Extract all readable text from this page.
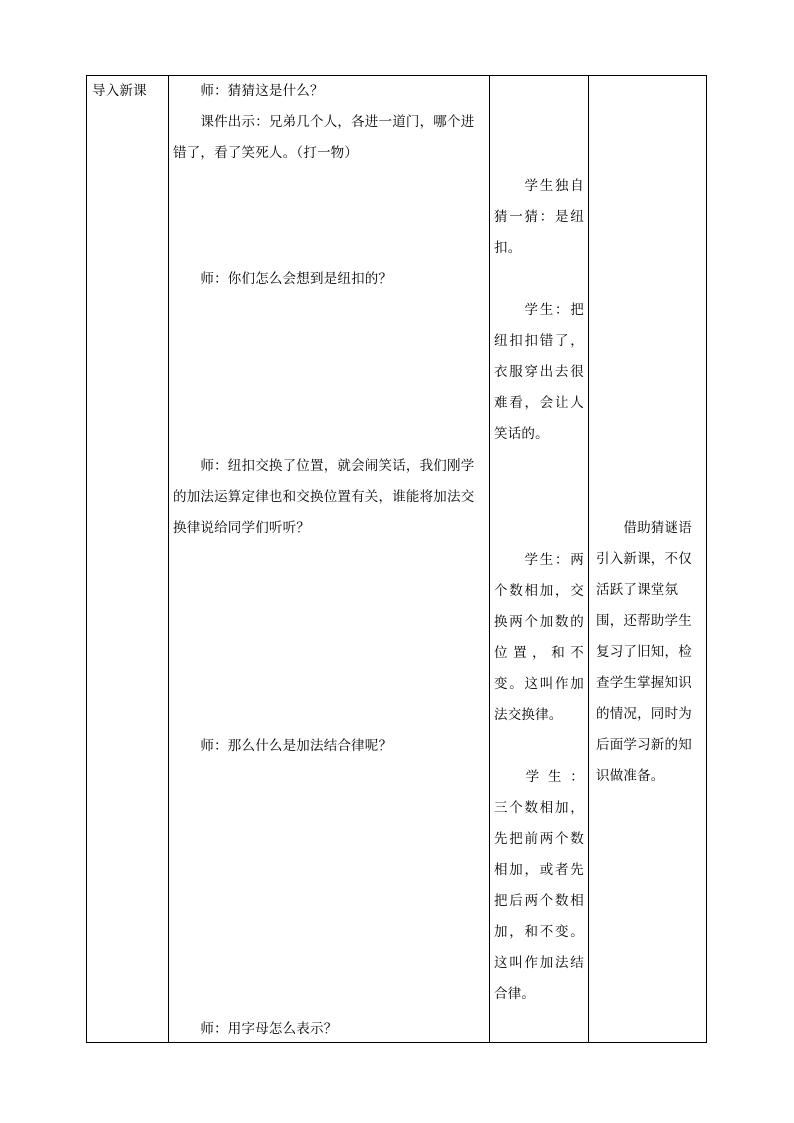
导入新课	　　师：猜猜这是什么？
　　课件出示：兄弟几个人，各进一道门，哪个进错了，看了笑死人。（打一物）
　　师：你们怎么会想到是纽扣的？
　　师：纽扣交换了位置，就会闹笑话，我们刚学的加法运算定律也和交换位置有关，谁能将加法交换律说给同学们听听？
　　师：那么什么是加法结合律呢？
　　师：用字母怎么表示？
　　学生独自猜一猜：是纽扣。
　　学生：把纽扣扣错了，衣服穿出去很难看，会让人笑话的。
　　学生：两个数相加，交换两个加数的位置，和不变。这叫作加法交换律。
　　学 生 ：三个数相加，先把前两个数相加，或者先把后两个数相加，和不变。这叫作加法结合律。
　　借助猜谜语引入新课，不仅活跃了课堂氛围，还帮助学生复习了旧知，检查学生掌握知识的情况，同时为后面学习新的知识做准备。
